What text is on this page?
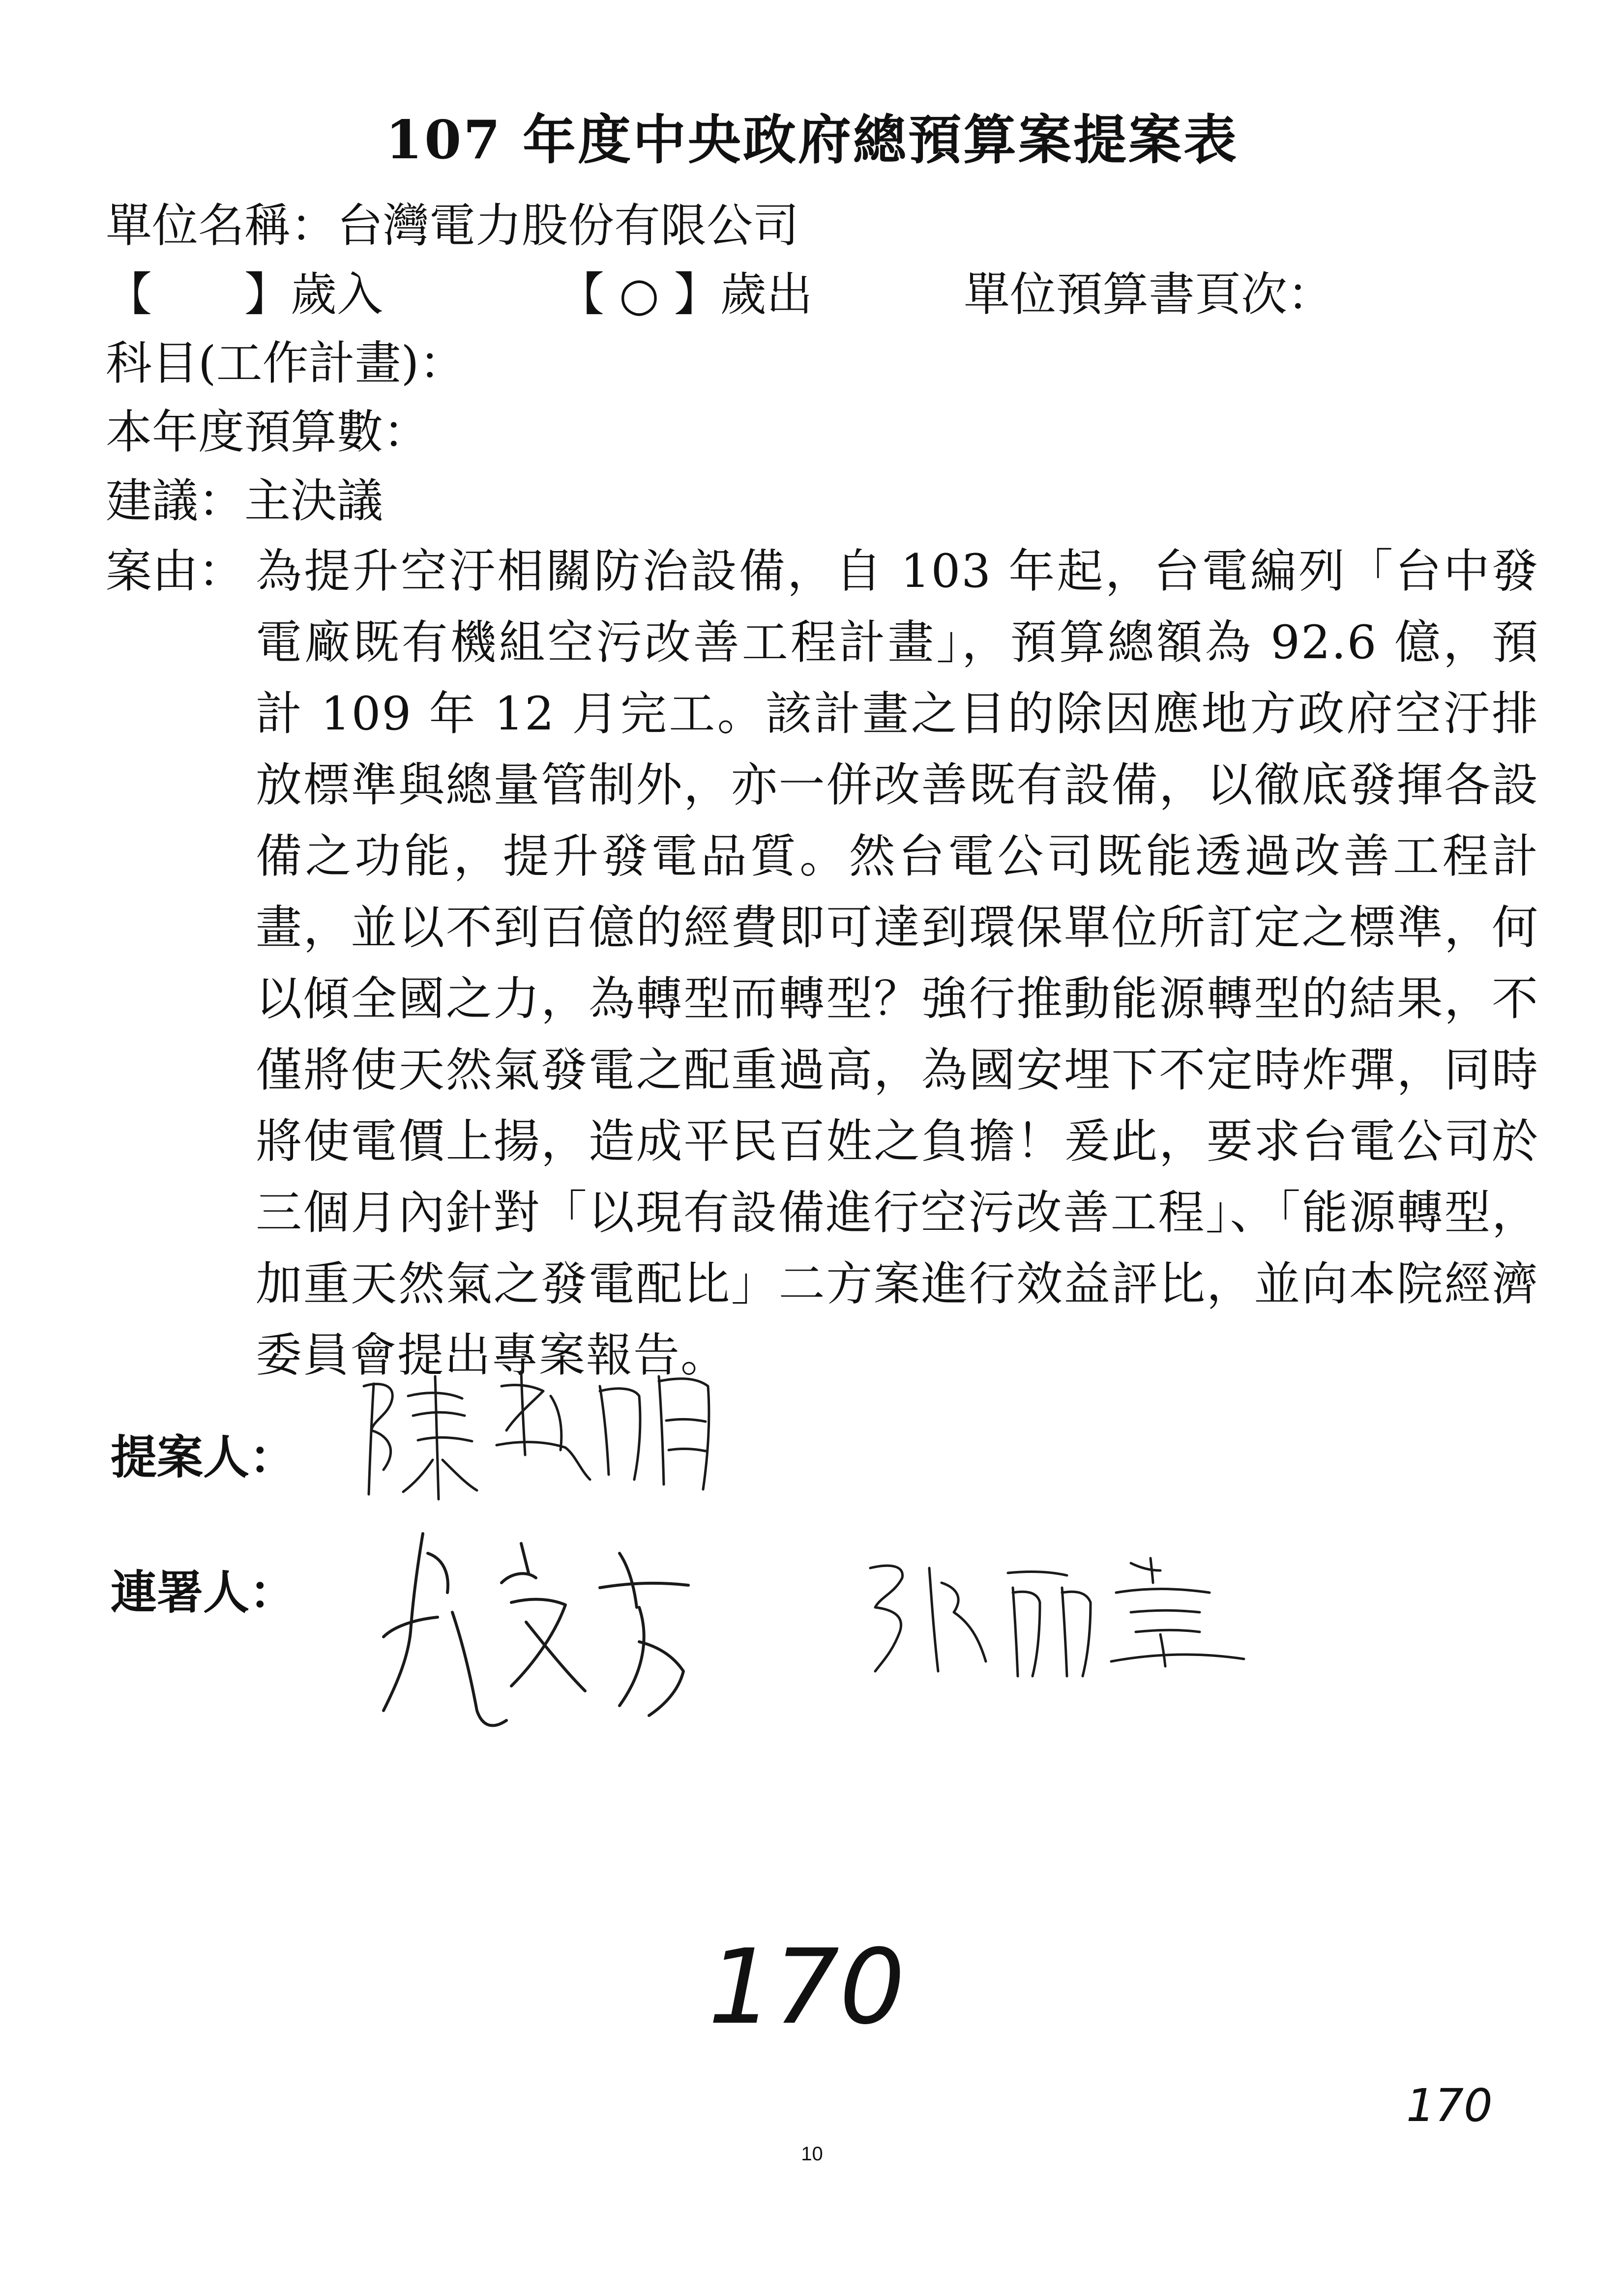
107 年度中央政府總預算案提案表
單位名稱：台灣電力股份有限公司
【　　】歲入	【 ○ 】歲出	單位預算書頁次：
科目(工作計畫)：
本年度預算數：
建議：主決議
案由： 為提升空汙相關防治設備，自 103 年起，台電編列「台中發電廠既有機組空污改善工程計畫」，預算總額為 92.6 億，預計 109 年 12 月完工。該計畫之目的除因應地方政府空汙排放標準與總量管制外，亦一併改善既有設備，以徹底發揮各設備之功能，提升發電品質。然台電公司既能透過改善工程計畫，並以不到百億的經費即可達到環保單位所訂定之標準，何以傾全國之力，為轉型而轉型？強行推動能源轉型的結果，不僅將使天然氣發電之配重過高，為國安埋下不定時炸彈，同時將使電價上揚，造成平民百姓之負擔！爰此，要求台電公司於三個月內針對「以現有設備進行空污改善工程」、「能源轉型，加重天然氣之發電配比」二方案進行效益評比，並向本院經濟委員會提出專案報告。
提案人：
連署人：
170
170
10
